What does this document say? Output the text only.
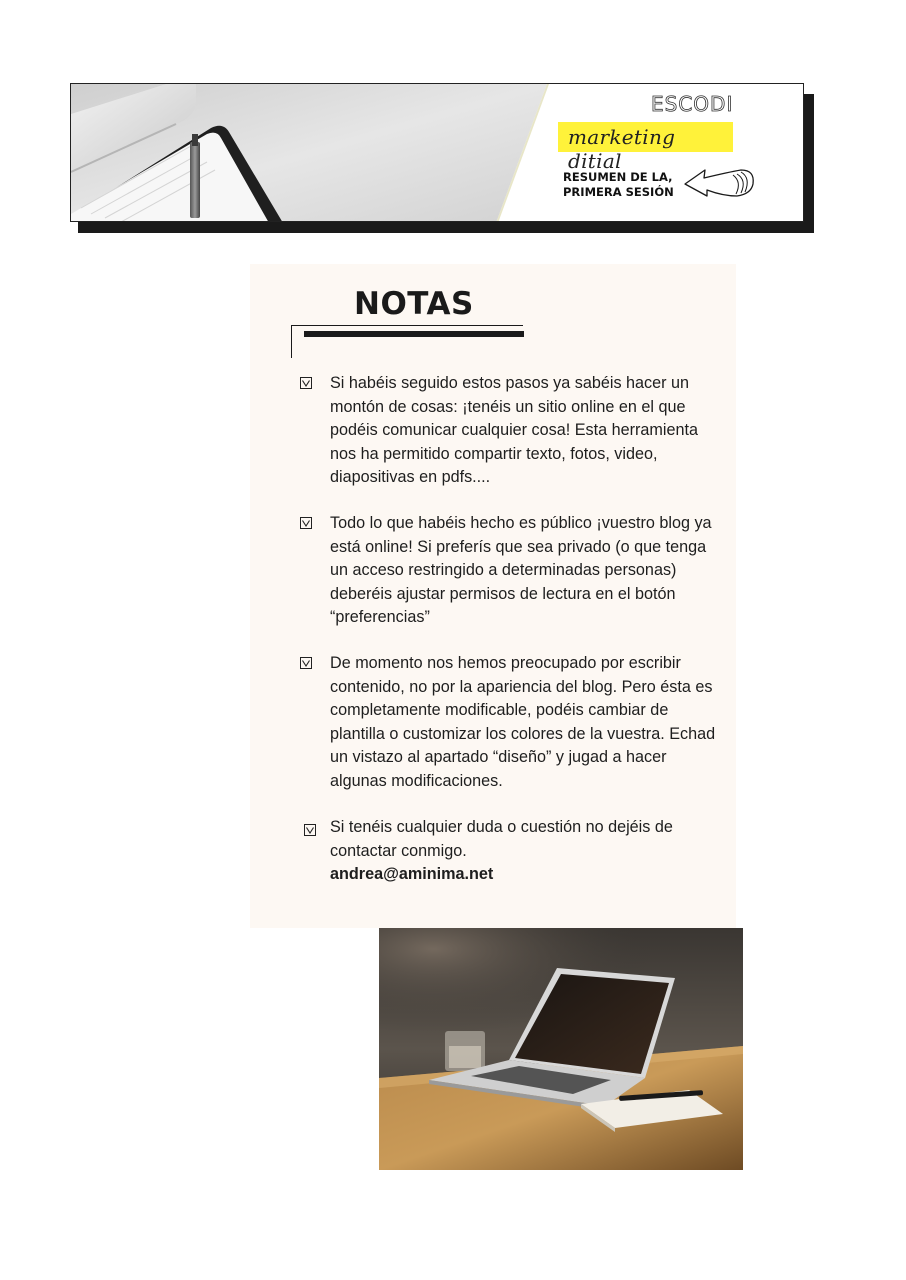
ESCODI
marketing ditial
RESUMEN DE LA,
PRIMERA SESIÓN
NOTAS

Si habéis seguido estos pasos ya sabéis hacer un montón de cosas: ¡tenéis un sitio online en el que podéis comunicar cualquier cosa! Esta herramienta nos ha permitido compartir texto, fotos, video, diapositivas en pdfs....

Todo lo que habéis hecho es público ¡vuestro blog ya está online! Si preferís que sea privado (o que tenga un acceso restringido a determinadas personas) deberéis ajustar permisos de lectura en el botón “preferencias”

De momento nos hemos preocupado por escribir contenido, no por la apariencia del blog. Pero ésta es completamente modificable, podéis cambiar de plantilla o customizar los colores de la vuestra. Echad un vistazo al apartado “diseño” y jugad a hacer algunas modificaciones.

Si tenéis cualquier duda o cuestión no dejéis de contactar conmigo.
andrea@aminima.net
